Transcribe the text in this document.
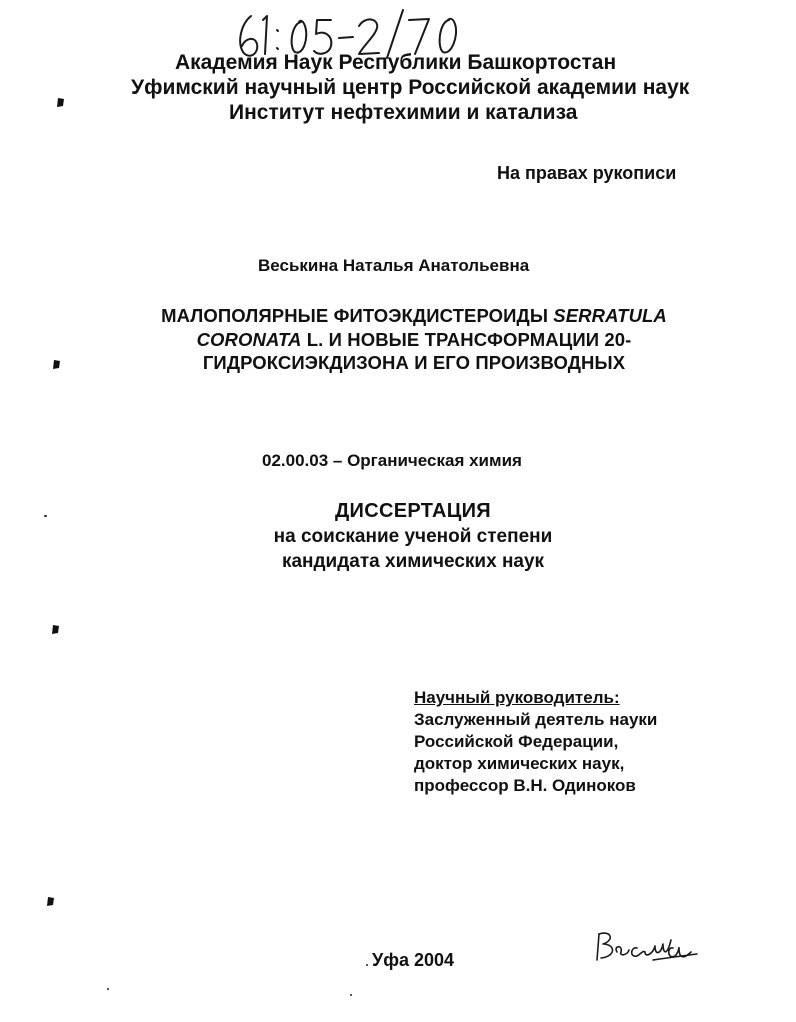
Академия Наук Республики Башкортостан
Уфимский научный центр Российской академии наук
Институт нефтехимии и катализа
На правах рукописи
Веськина Наталья Анатольевна
МАЛОПОЛЯРНЫЕ ФИТОЭКДИСТЕРОИДЫ SERRATULA
CORONATA L. И НОВЫЕ ТРАНСФОРМАЦИИ 20-
ГИДРОКСИЭКДИЗОНА И ЕГО ПРОИЗВОДНЫХ
02.00.03 – Органическая химия
ДИССЕРТАЦИЯ
на соискание ученой степени
кандидата химических наук
Научный руководитель:
Заслуженный деятель науки
Российской Федерации,
доктор химических наук,
профессор В.Н. Одиноков
Уфа 2004
